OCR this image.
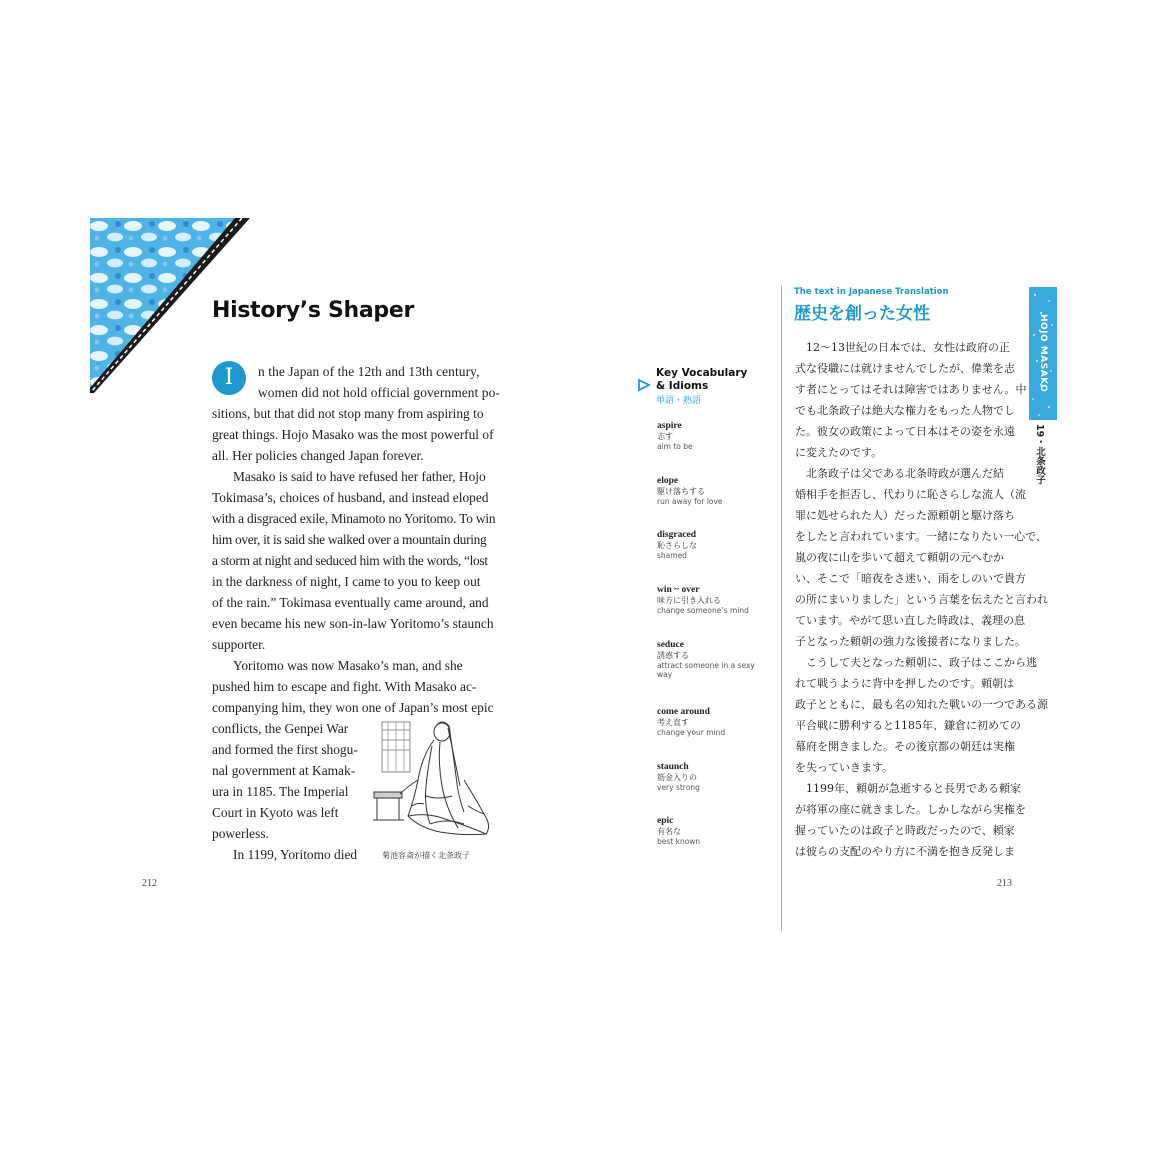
History’s Shaper
I	n the Japan of the 12th and 13th century,
women did not hold official government po-
sitions, but that did not stop many from aspiring to
great things. Hojo Masako was the most powerful of
all. Her policies changed Japan forever.
Masako is said to have refused her father, Hojo
Tokimasa’s, choices of husband, and instead eloped
with a disgraced exile, Minamoto no Yoritomo. To win
him over, it is said she walked over a mountain during
a storm at night and seduced him with the words, “lost
in the darkness of night, I came to you to keep out
of the rain.” Tokimasa eventually came around, and
even became his new son-in-law Yoritomo’s staunch
supporter.
Yoritomo was now Masako’s man, and she
pushed him to escape and fight. With Masako ac-
companying him, they won one of Japan’s most epic
conflicts, the Genpei War
and formed the first shogu-
nal government at Kamak-
ura in 1185. The Imperial
Court in Kyoto was left
powerless.
In 1199, Yoritomo died	菊池容斎が描く北条政子
212
Key Vocabulary
& Idioms
単語・熟語
aspire
志す
aim to be
elope
駆け落ちする
run away for love
disgraced
恥さらしな
shamed
win ~ over
味方に引き入れる
change someone’s mind
seduce
誘惑する
attract someone in a sexy
way
come around
考え直す
change your mind
staunch
筋金入りの
very strong
epic
有名な
best known
The text in Japanese Translation
歴史を創った女性
　12～13世紀の日本では、女性は政府の正
式な役職には就けませんでしたが、偉業を志
す者にとってはそれは障害ではありません。中
でも北条政子は絶大な権力をもった人物でし
た。彼女の政策によって日本はその姿を永遠
に変えたのです。
　北条政子は父である北条時政が選んだ結
婚相手を拒否し、代わりに恥さらしな流人（流
罪に処せられた人）だった源頼朝と駆け落ち
をしたと言われています。一緒になりたい一心で、
嵐の夜に山を歩いて超えて頼朝の元へむか
い、そこで「暗夜をさ迷い、雨をしのいで貴方
の所にまいりました」という言葉を伝えたと言われ
ています。やがて思い直した時政は、義理の息
子となった頼朝の強力な後援者になりました。
　こうして夫となった頼朝に、政子はここから逃
れて戦うように背中を押したのです。頼朝は
政子とともに、最も名の知れた戦いの一つである源
平合戦に勝利すると1185年、鎌倉に初めての
幕府を開きました。その後京都の朝廷は実権
を失っていきます。
　1199年、頼朝が急逝すると長男である頼家
が将軍の座に就きました。しかしながら実権を
握っていたのは政子と時政だったので、頼家
は彼らの支配のやり方に不満を抱き反発しま
213
HOJO MASAKO
19・北条政子
